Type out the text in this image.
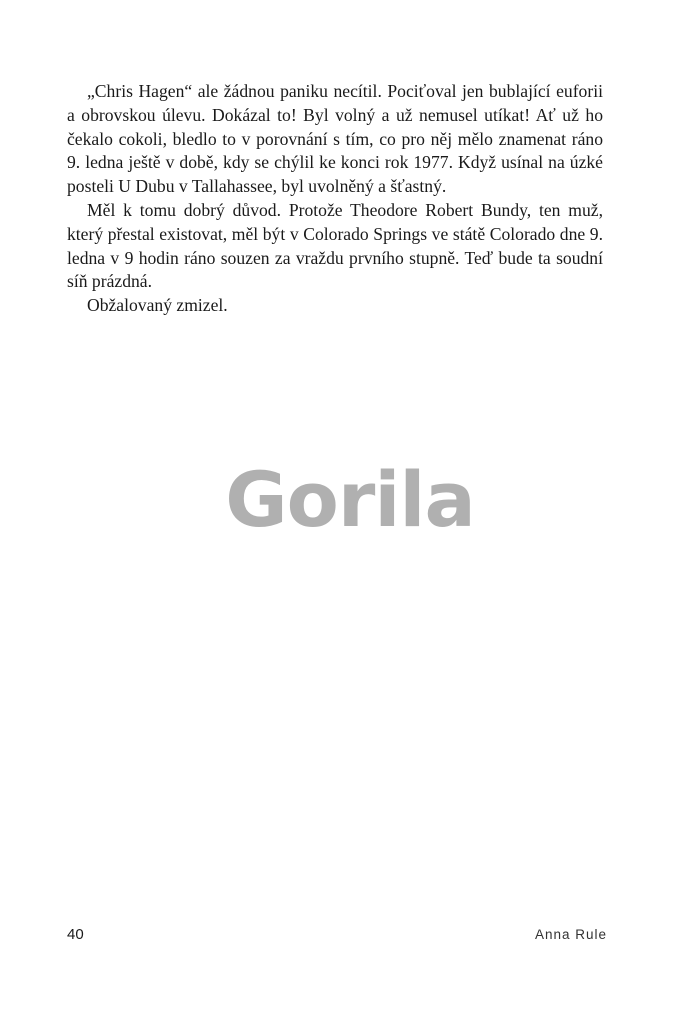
„Chris Hagen“ ale žádnou paniku necítil. Pociťoval jen bublající euforii a obrovskou úlevu. Dokázal to! Byl volný a už nemusel utíkat! Ať už ho čekalo cokoli, bledlo to v porovnání s tím, co pro něj mělo znamenat ráno 9. ledna ještě v době, kdy se chýlil ke konci rok 1977. Když usínal na úzké posteli U Dubu v Tallahassee, byl uvolněný a šťastný.

Měl k tomu dobrý důvod. Protože Theodore Robert Bundy, ten muž, který přestal existovat, měl být v Colorado Springs ve státě Colorado dne 9. ledna v 9 hodin ráno souzen za vraždu prvního stupně. Teď bude ta soudní síň prázdná.

Obžalovaný zmizel.

Gorila
40	Anna Rule
